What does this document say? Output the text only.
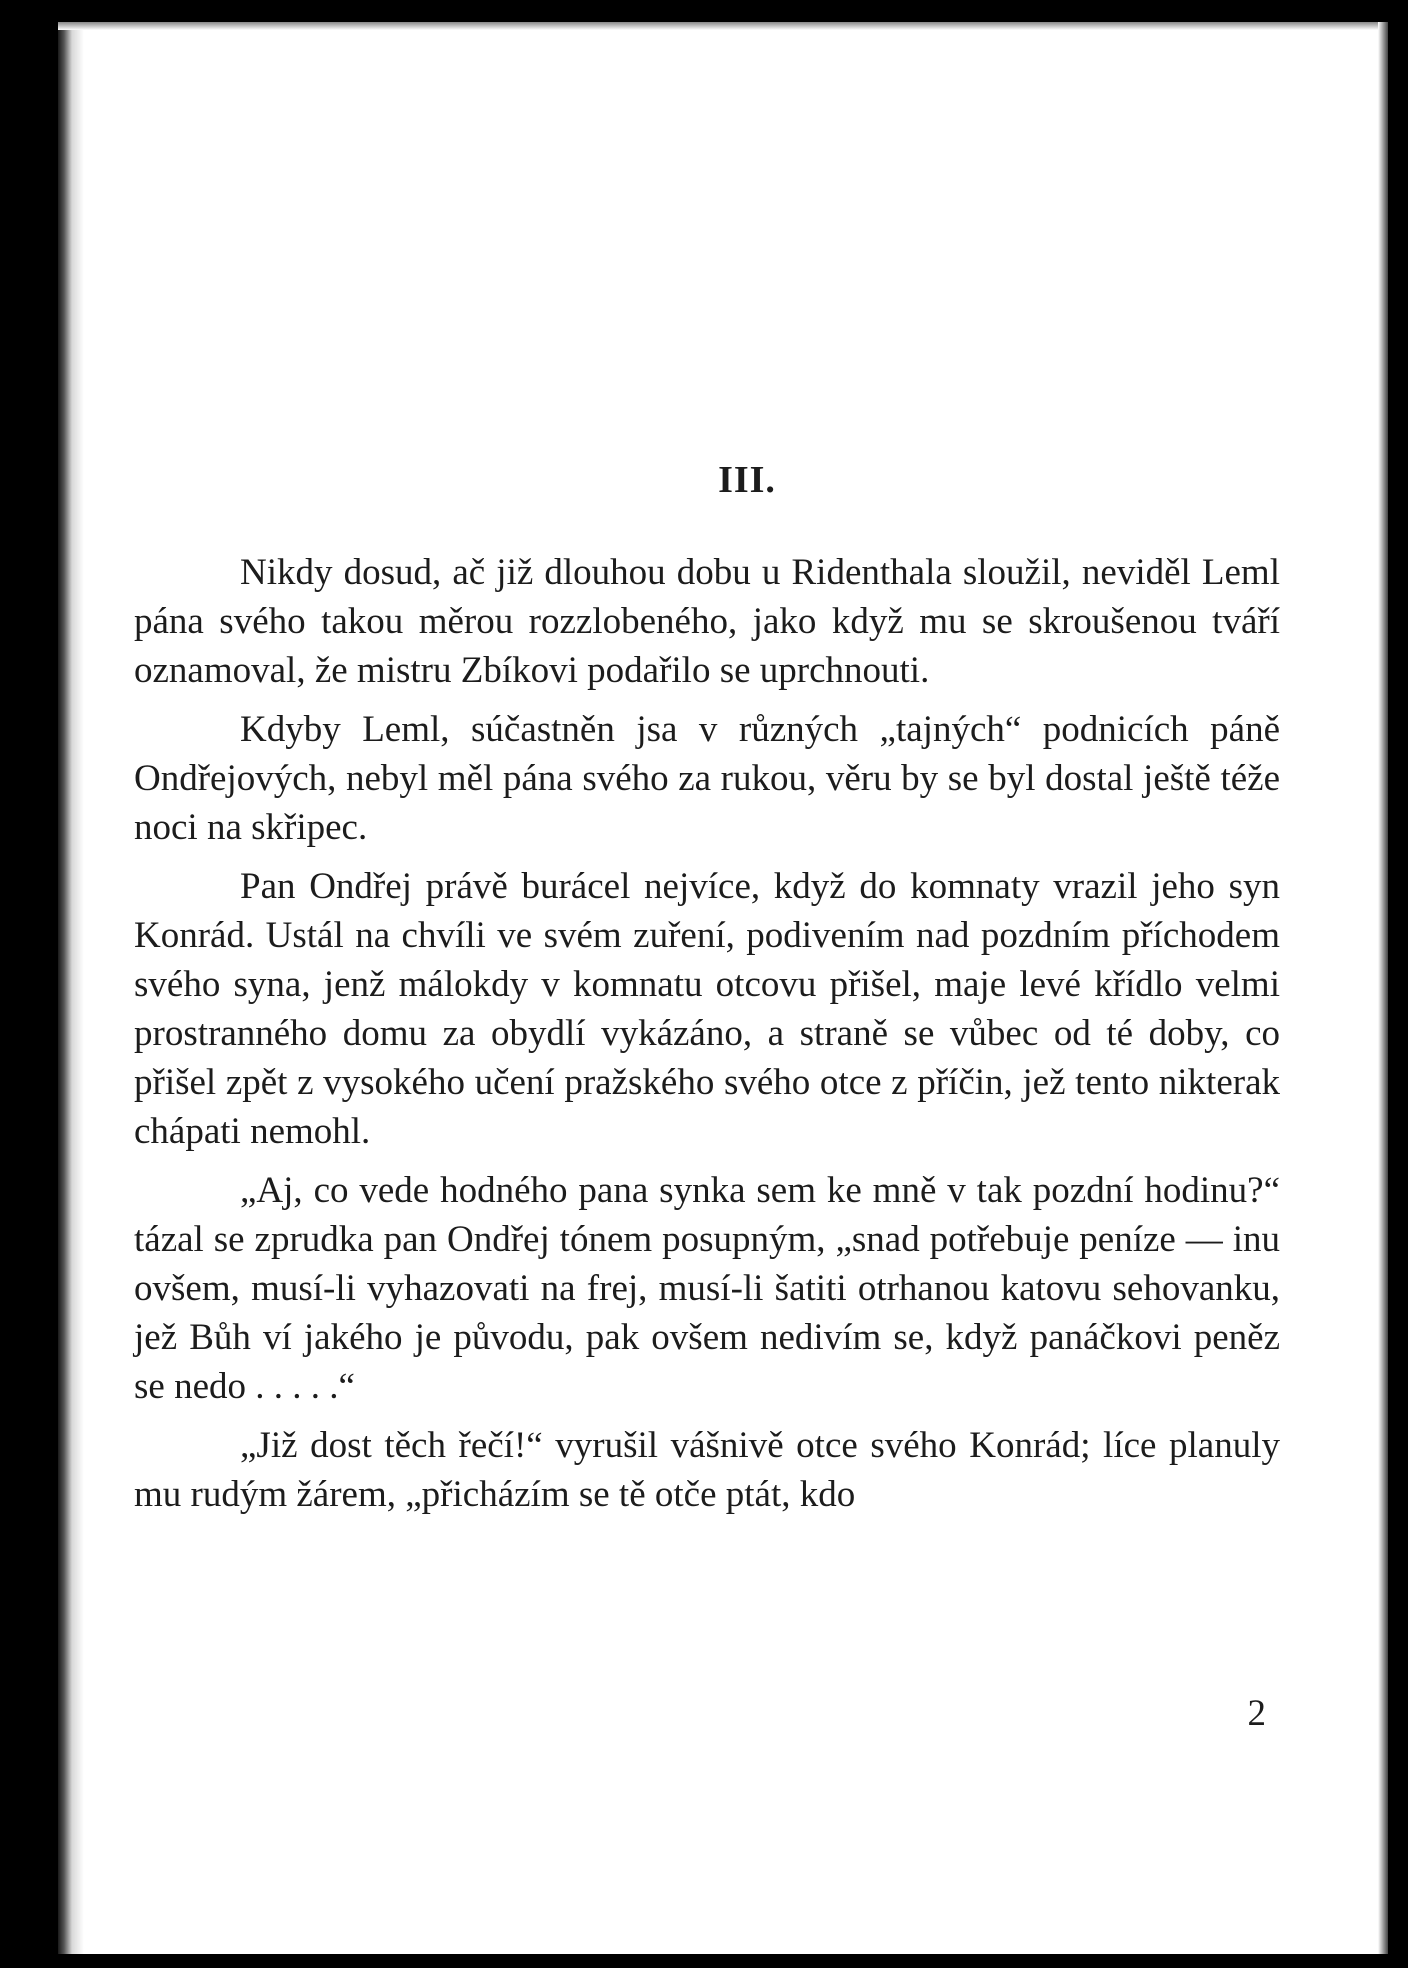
III.

Nikdy dosud, ač již dlouhou dobu u Ridenthala sloužil, neviděl Leml pána svého takou měrou rozzlobeného, jako když mu se skroušenou tváří oznamoval, že mistru Zbíkovi podařilo se uprchnouti.

Kdyby Leml, súčastněn jsa v různých „tajných“ podnicích páně Ondřejových, nebyl měl pána svého za rukou, věru by se byl dostal ještě téže noci na skřipec.

Pan Ondřej právě burácel nejvíce, když do komnaty vrazil jeho syn Konrád. Ustál na chvíli ve svém zuření, podivením nad pozdním příchodem svého syna, jenž málokdy v komnatu otcovu přišel, maje levé křídlo velmi prostranného domu za obydlí vykázáno, a straně se vůbec od té doby, co přišel zpět z vysokého učení pražského svého otce z příčin, jež tento nikterak chápati nemohl.

„Aj, co vede hodného pana synka sem ke mně v tak pozdní hodinu?“ tázal se zprudka pan Ondřej tónem posupným, „snad potřebuje peníze — inu ovšem, musí-li vyhazovati na frej, musí-li šatiti otrhanou katovu sehovanku, jež Bůh ví jakého je původu, pak ovšem nedivím se, když panáčkovi peněz se nedo . . . . .“

„Již dost těch řečí!“ vyrušil vášnivě otce svého Konrád; líce planuly mu rudým žárem, „přicházím se tě otče ptát, kdo

2
